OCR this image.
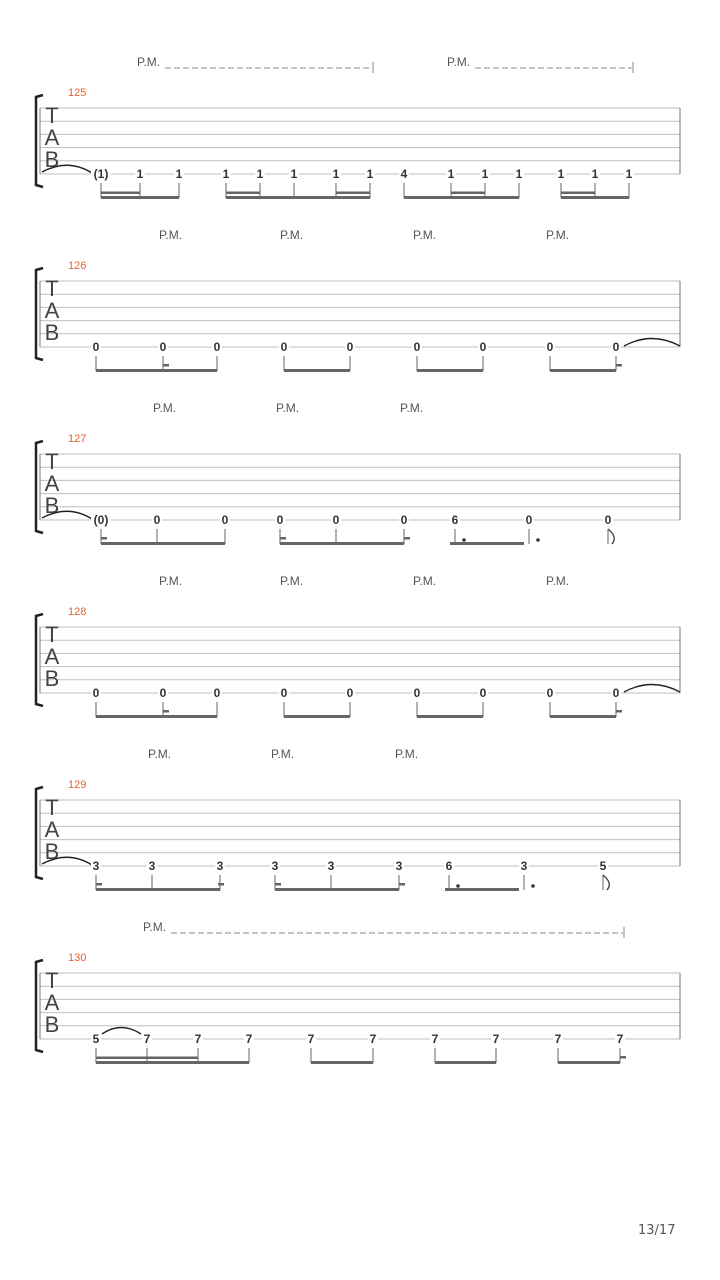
125
P.M.	P.M.
T
A
B
(1) 1	1	1 1 1	1 1 4	1 1 1	1 1 1
126
P.M.	P.M.	P.M.	P.M.
T
A
B
0	0	0	0	0	0	0	0	0
127
P.M.	P.M.	P.M.
T
A
B
(0)	0	0	0	0	0	6	0	0
128
P.M.	P.M.	P.M.	P.M.
T
A
B
0	0	0	0	0	0	0	0	0
129
P.M.	P.M.	P.M.
T
A
B
3	3	3	3	3	3	6	3	5
130
P.M.
T
A
B
5	7	7	7	7	7	7	7	7	7
13/17
